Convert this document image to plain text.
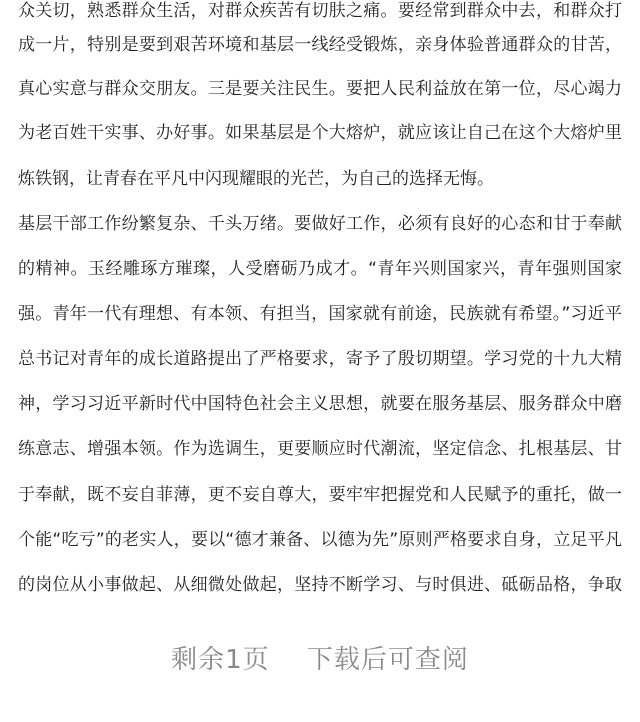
众关切，熟悉群众生活，对群众疾苦有切肤之痛。要经常到群众中去，和群众打
成一片，特别是要到艰苦环境和基层一线经受锻炼，亲身体验普通群众的甘苦，
真心实意与群众交朋友。三是要关注民生。要把人民利益放在第一位，尽心竭力
为老百姓干实事、办好事。如果基层是个大熔炉，就应该让自己在这个大熔炉里
炼铁钢，让青春在平凡中闪现耀眼的光芒，为自己的选择无悔。
基层干部工作纷繁复杂、千头万绪。要做好工作，必须有良好的心态和甘于奉献
的精神。玉经雕琢方璀璨，人受磨砺乃成才。“青年兴则国家兴，青年强则国家
强。青年一代有理想、有本领、有担当，国家就有前途，民族就有希望。”习近平
总书记对青年的成长道路提出了严格要求，寄予了殷切期望。学习党的十九大精
神，学习习近平新时代中国特色社会主义思想，就要在服务基层、服务群众中磨
练意志、增强本领。作为选调生，更要顺应时代潮流，坚定信念、扎根基层、甘
于奉献，既不妄自菲薄，更不妄自尊大，要牢牢把握党和人民赋予的重托，做一
个能“吃亏”的老实人，要以“德才兼备、以德为先”原则严格要求自身，立足平凡
的岗位从小事做起、从细微处做起，坚持不断学习、与时俱进、砥砺品格，争取
剩余1页 下载后可查阅
